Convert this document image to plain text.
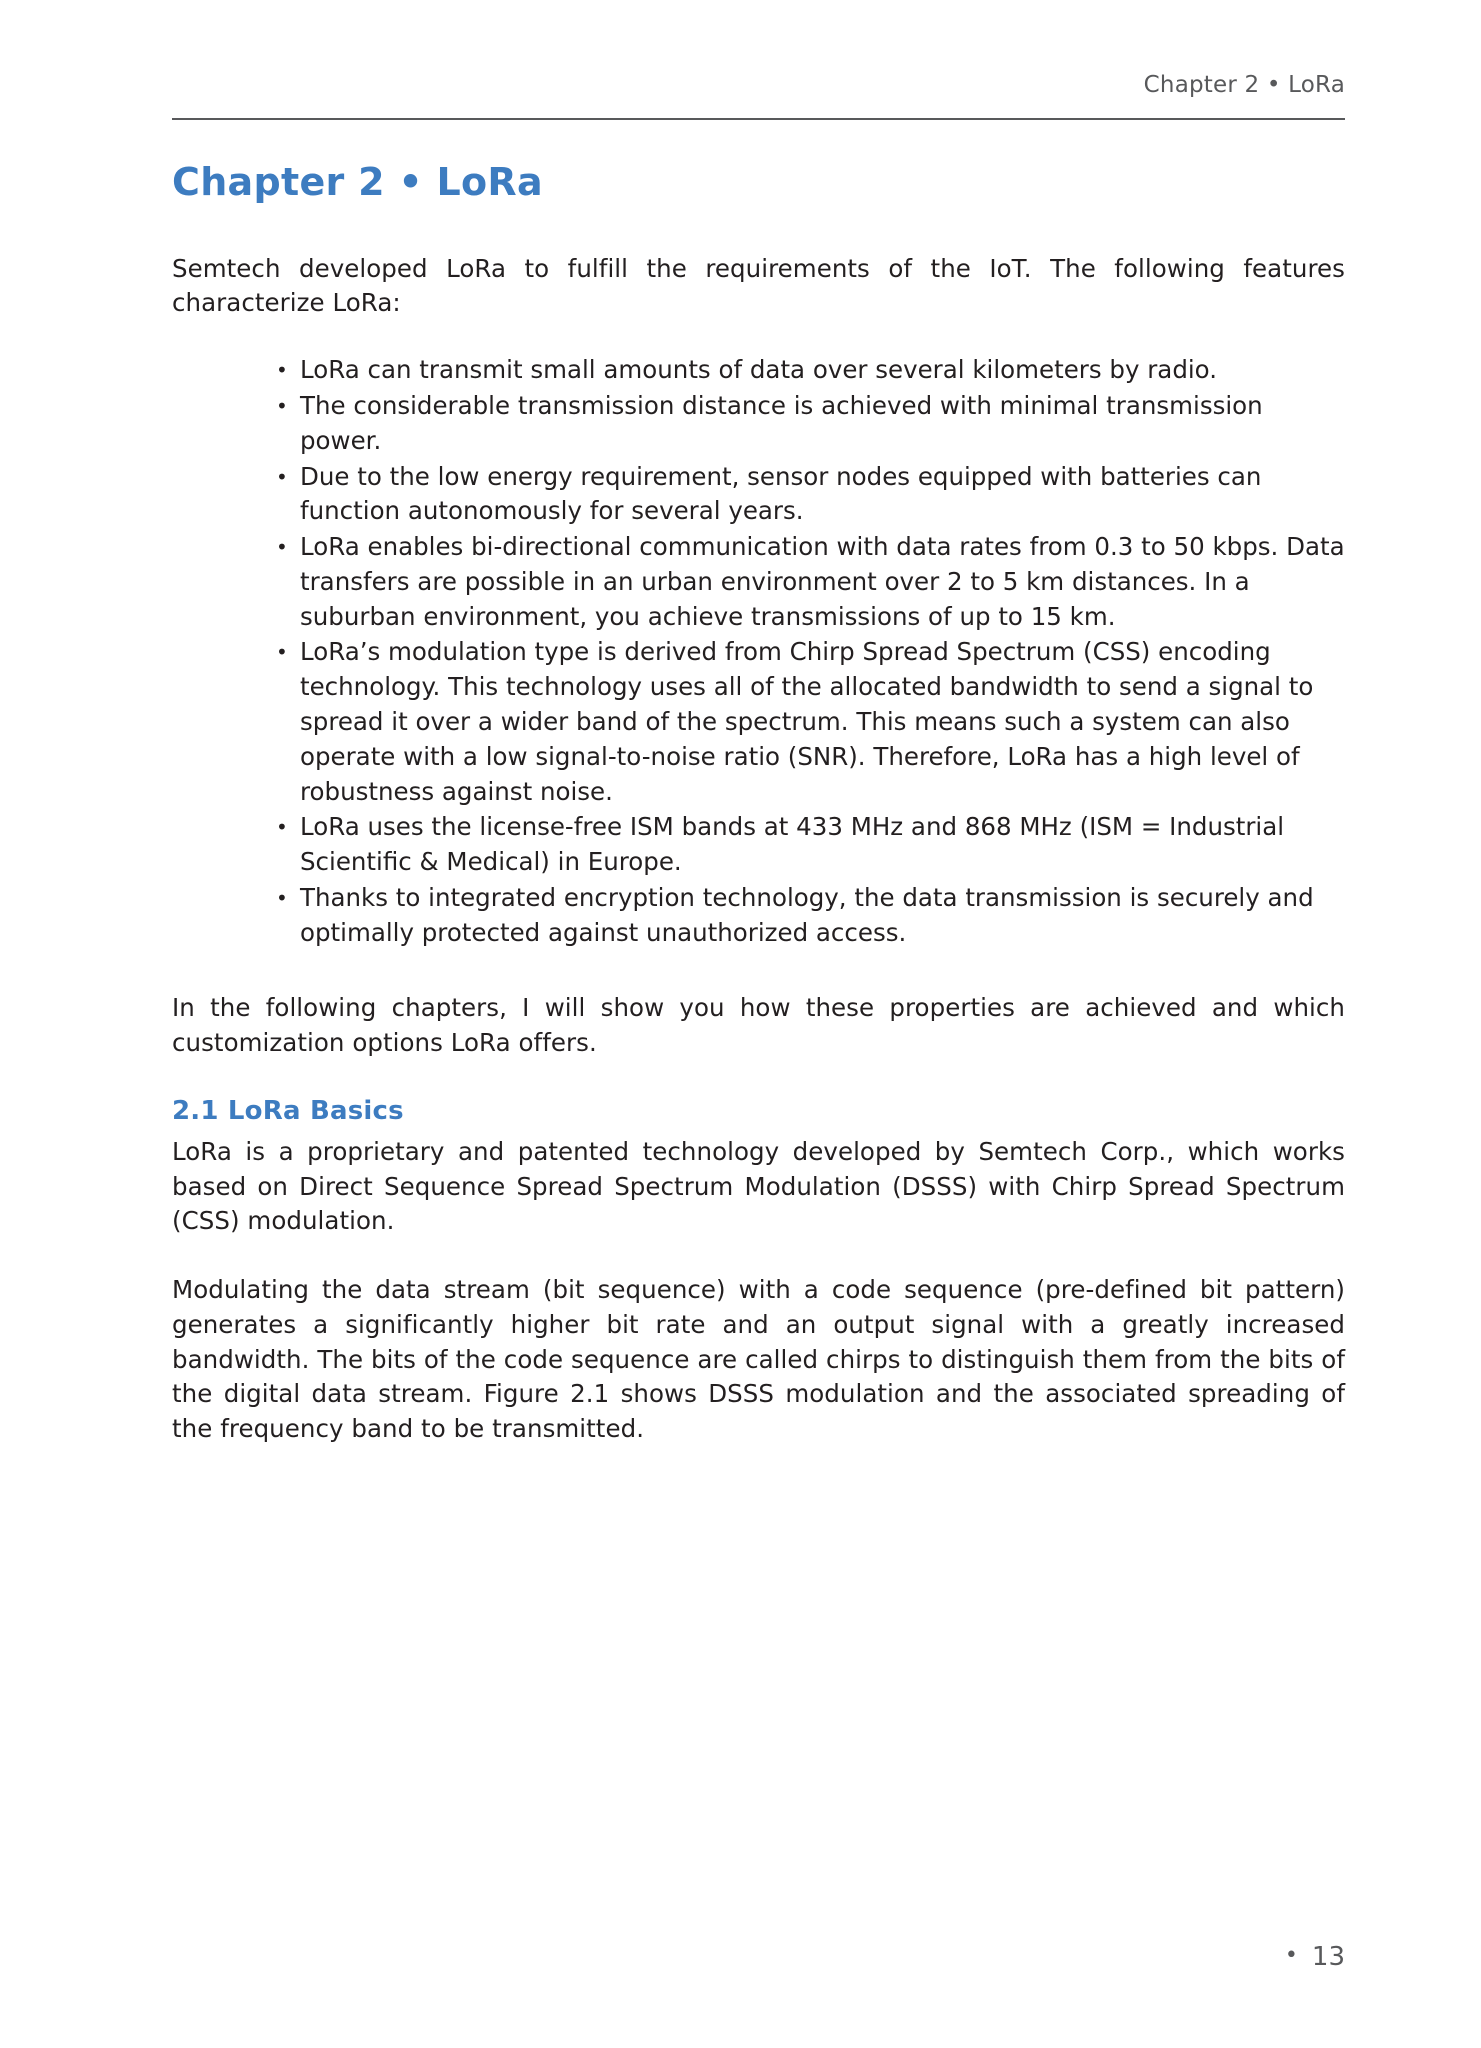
Chapter 2 • LoRa
Chapter 2 • LoRa

Semtech developed LoRa to fulfill the requirements of the IoT. The following features characterize LoRa:

• LoRa can transmit small amounts of data over several kilometers by radio.
• The considerable transmission distance is achieved with minimal transmission power.
• Due to the low energy requirement, sensor nodes equipped with batteries can function autonomously for several years.
• LoRa enables bi-directional communication with data rates from 0.3 to 50 kbps. Data transfers are possible in an urban environment over 2 to 5 km distances. In a suburban environment, you achieve transmissions of up to 15 km.
• LoRa’s modulation type is derived from Chirp Spread Spectrum (CSS) encoding technology. This technology uses all of the allocated bandwidth to send a signal to spread it over a wider band of the spectrum. This means such a system can also operate with a low signal-to-noise ratio (SNR). Therefore, LoRa has a high level of robustness against noise.
• LoRa uses the license-free ISM bands at 433 MHz and 868 MHz (ISM = Industrial Scientific & Medical) in Europe.
• Thanks to integrated encryption technology, the data transmission is securely and optimally protected against unauthorized access.

In the following chapters, I will show you how these properties are achieved and which customization options LoRa offers.

2.1 LoRa Basics

LoRa is a proprietary and patented technology developed by Semtech Corp., which works based on Direct Sequence Spread Spectrum Modulation (DSSS) with Chirp Spread Spectrum (CSS) modulation.

Modulating the data stream (bit sequence) with a code sequence (pre-defined bit pattern) generates a significantly higher bit rate and an output signal with a greatly increased bandwidth. The bits of the code sequence are called chirps to distinguish them from the bits of the digital data stream. Figure 2.1 shows DSSS modulation and the associated spreading of the frequency band to be transmitted.

• 13
